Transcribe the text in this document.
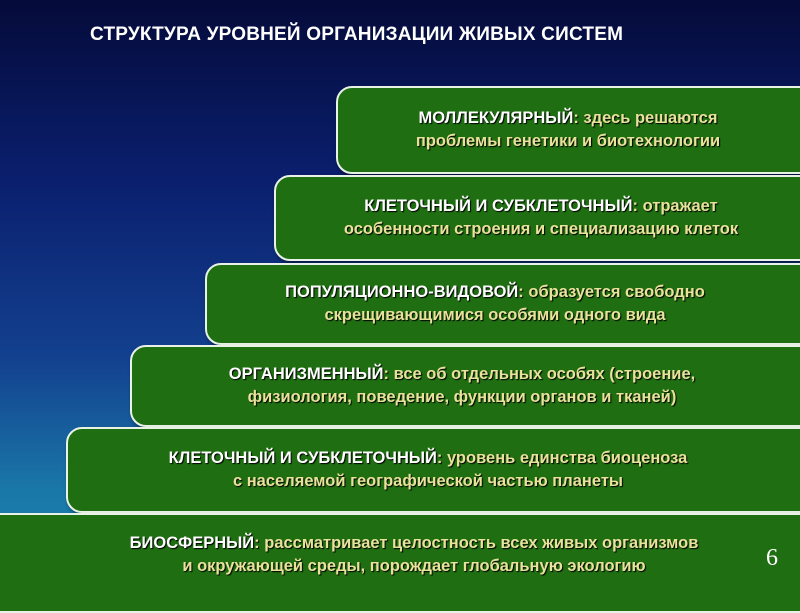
СТРУКТУРА УРОВНЕЙ ОРГАНИЗАЦИИ ЖИВЫХ СИСТЕМ
МОЛЛЕКУЛЯРНЫЙ: здесь решаются
проблемы генетики и биотехнологии
КЛЕТОЧНЫЙ И СУБКЛЕТОЧНЫЙ: отражает
особенности строения и специализацию клеток
ПОПУЛЯЦИОННО-ВИДОВОЙ: образуется свободно
скрещивающимися особями одного вида
ОРГАНИЗМЕННЫЙ: все об отдельных особях (строение,
физиология, поведение, функции органов и тканей)
КЛЕТОЧНЫЙ И СУБКЛЕТОЧНЫЙ: уровень единства биоценоза
с населяемой географической частью планеты
БИОСФЕРНЫЙ: рассматривает целостность всех живых организмов
и окружающей среды, порождает глобальную экологию	6
